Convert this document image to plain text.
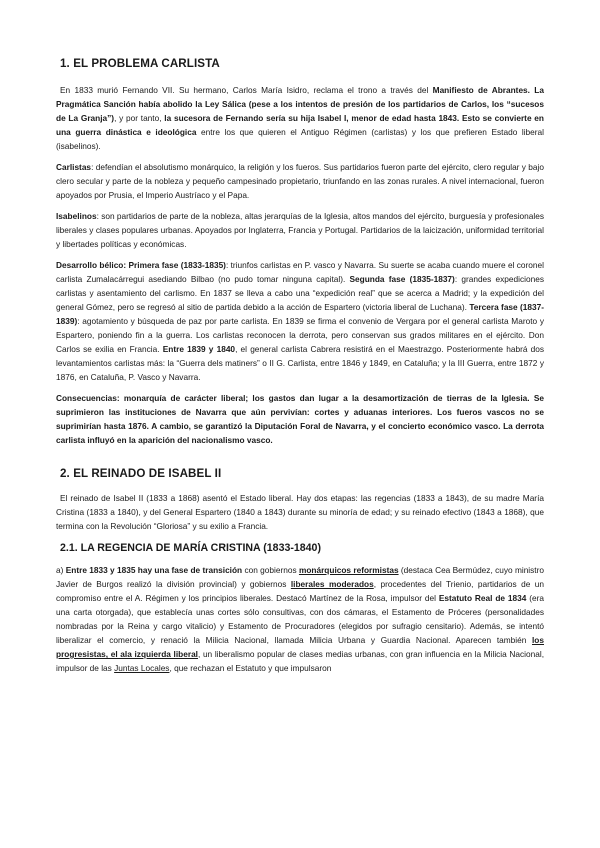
1. EL PROBLEMA CARLISTA

En 1833 murió Fernando VII. Su hermano, Carlos María Isidro, reclama el trono a través del Manifiesto de Abrantes. La Pragmática Sanción había abolido la Ley Sálica (pese a los intentos de presión de los partidarios de Carlos, los “sucesos de La Granja”), y por tanto, la sucesora de Fernando sería su hija Isabel I, menor de edad hasta 1843. Esto se convierte en una guerra dinástica e ideológica entre los que quieren el Antiguo Régimen (carlistas) y los que prefieren Estado liberal (isabelinos).

Carlistas: defendían el absolutismo monárquico, la religión y los fueros. Sus partidarios fueron parte del ejército, clero regular y bajo clero secular y parte de la nobleza y pequeño campesinado propietario, triunfando en las zonas rurales. A nivel internacional, fueron apoyados por Prusia, el Imperio Austríaco y el Papa.

Isabelinos: son partidarios de parte de la nobleza, altas jerarquías de la Iglesia, altos mandos del ejército, burguesía y profesionales liberales y clases populares urbanas. Apoyados por Inglaterra, Francia y Portugal. Partidarios de la laicización, uniformidad territorial y libertades políticas y económicas.

Desarrollo bélico: Primera fase (1833-1835): triunfos carlistas en P. vasco y Navarra. Su suerte se acaba cuando muere el coronel carlista Zumalacárregui asediando Bilbao (no pudo tomar ninguna capital). Segunda fase (1835-1837): grandes expediciones carlistas y asentamiento del carlismo. En 1837 se lleva a cabo una “expedición real” que se acerca a Madrid; y la expedición del general Gómez, pero se regresó al sitio de partida debido a la acción de Espartero (victoria liberal de Luchana). Tercera fase (1837-1839): agotamiento y búsqueda de paz por parte carlista. En 1839 se firma el convenio de Vergara por el general carlista Maroto y Espartero, poniendo fin a la guerra. Los carlistas reconocen la derrota, pero conservan sus grados militares en el ejército. Don Carlos se exilia en Francia. Entre 1839 y 1840, el general carlista Cabrera resistirá en el Maestrazgo. Posteriormente habrá dos levantamientos carlistas más: la “Guerra dels matiners” o II G. Carlista, entre 1846 y 1849, en Cataluña; y la III Guerra, entre 1872 y 1876, en Cataluña, P. Vasco y Navarra.

Consecuencias: monarquía de carácter liberal; los gastos dan lugar a la desamortización de tierras de la Iglesia. Se suprimieron las instituciones de Navarra que aún pervivían: cortes y aduanas interiores. Los fueros vascos no se suprimirían hasta 1876. A cambio, se garantizó la Diputación Foral de Navarra, y el concierto económico vasco. La derrota carlista influyó en la aparición del nacionalismo vasco.

2. EL REINADO DE ISABEL II

El reinado de Isabel II (1833 a 1868) asentó el Estado liberal. Hay dos etapas: las regencias (1833 a 1843), de su madre María Cristina (1833 a 1840), y del General Espartero (1840 a 1843) durante su minoría de edad; y su reinado efectivo (1843 a 1868), que termina con la Revolución “Gloriosa” y su exilio a Francia.

2.1. LA REGENCIA DE MARÍA CRISTINA (1833-1840)

a) Entre 1833 y 1835 hay una fase de transición con gobiernos monárquicos reformistas (destaca Cea Bermúdez, cuyo ministro Javier de Burgos realizó la división provincial) y gobiernos liberales moderados, procedentes del Trienio, partidarios de un compromiso entre el A. Régimen y los principios liberales. Destacó Martínez de la Rosa, impulsor del Estatuto Real de 1834 (era una carta otorgada), que establecía unas cortes sólo consultivas, con dos cámaras, el Estamento de Próceres (personalidades nombradas por la Reina y cargo vitalicio) y Estamento de Procuradores (elegidos por sufragio censitario). Además, se intentó liberalizar el comercio, y renació la Milicia Nacional, llamada Milicia Urbana y Guardia Nacional. Aparecen también los progresistas, el ala izquierda liberal, un liberalismo popular de clases medias urbanas, con gran influencia en la Milicia Nacional, impulsor de las Juntas Locales, que rechazan el Estatuto y que impulsaron
